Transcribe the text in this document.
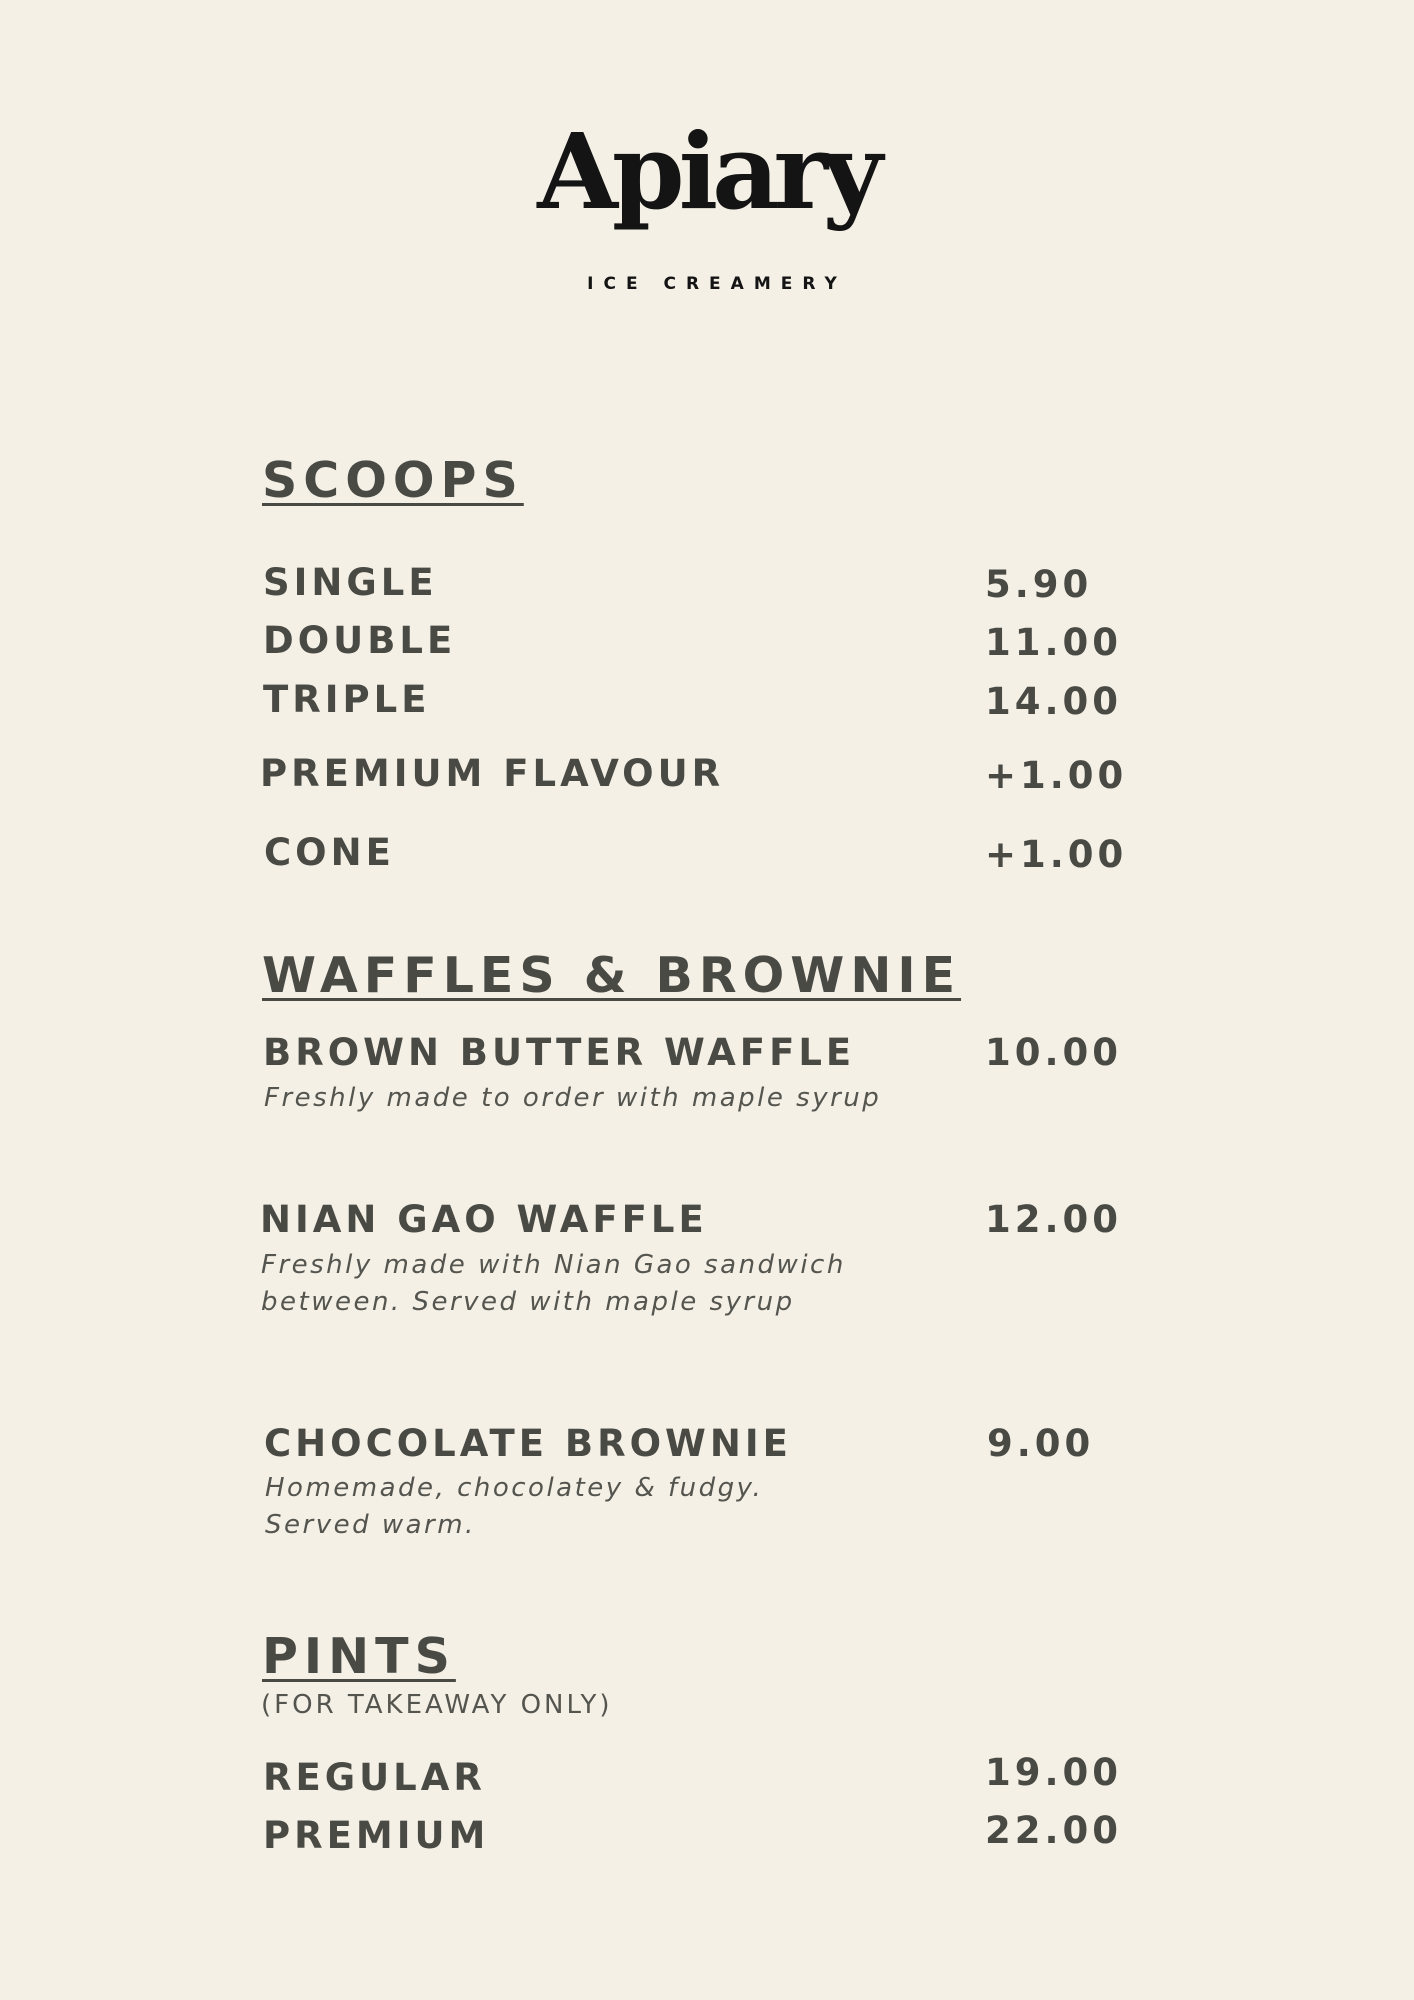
Apiary
ICE CREAMERY
SCOOPS
SINGLE	5.90
DOUBLE	11.00
TRIPLE	14.00
PREMIUM FLAVOUR	+1.00
CONE	+1.00
WAFFLES & BROWNIE
BROWN BUTTER WAFFLE	10.00
Freshly made to order with maple syrup
NIAN GAO WAFFLE	12.00
Freshly made with Nian Gao sandwich
between. Served with maple syrup
CHOCOLATE BROWNIE	9.00
Homemade, chocolatey & fudgy.
Served warm.
PINTS
(FOR TAKEAWAY ONLY)
REGULAR	19.00
PREMIUM	22.00
